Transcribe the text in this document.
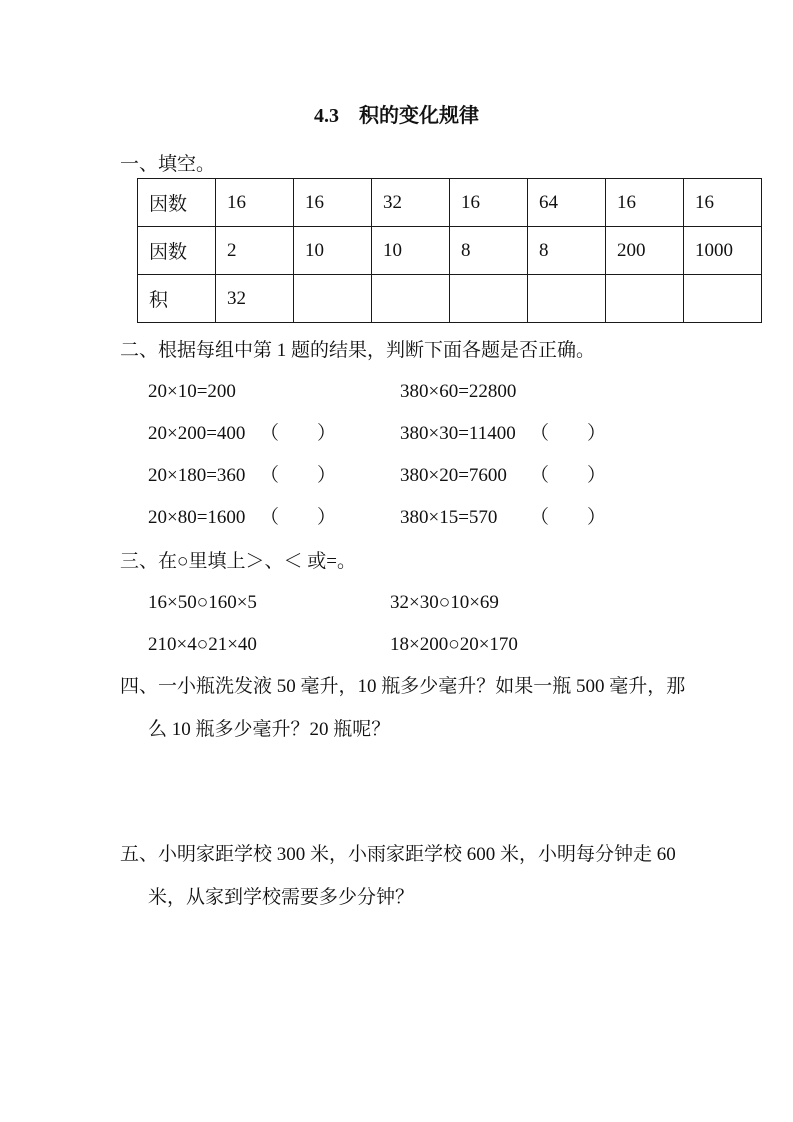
4.3　积的变化规律
一、填空。
因数	16	16	32	16	64	16	16
因数	2	10	10	8	8	200	1000
积	32						
二、根据每组中第 1 题的结果，判断下面各题是否正确。
20×10=200	380×60=22800
20×200=400 （　　）	380×30=11400 （　　）
20×180=360 （　　）	380×20=7600	（　　）
20×80=1600 （　　）	380×15=570	（　　）
三、在○里填上＞、＜ 或=。
16×50○160×5	32×30○10×69
210×4○21×40	18×200○20×170
四、一小瓶洗发液 50 毫升，10 瓶多少毫升？如果一瓶 500 毫升，那
么 10 瓶多少毫升？20 瓶呢？
五、小明家距学校 300 米，小雨家距学校 600 米，小明每分钟走 60
米，从家到学校需要多少分钟？
